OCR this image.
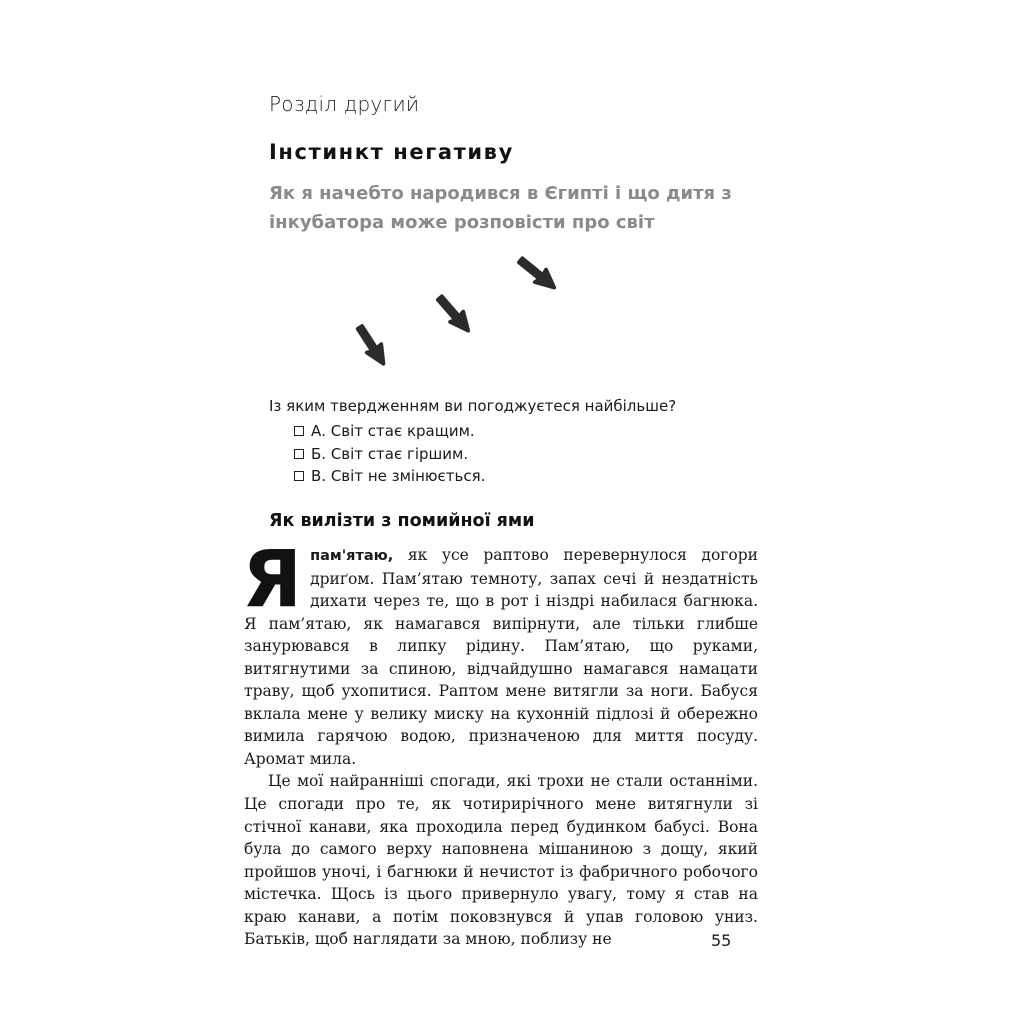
Розділ другий
Інстинкт негативу
Як я начебто народився в Єгипті і що дитя з інкубатора може розповісти про світ
Із яким твердженням ви погоджуєтеся найбільше?
А. Світ стає кращим.
Б. Світ стає гіршим.
В. Світ не змінюється.
Як вилізти з помийної ями

Япам'ятаю, як усе раптово перевернулося догори дриґом. Пам’ятаю темноту, запах сечі й нездатність дихати через те, що в рот і ніздрі набилася багнюка. Я пам’ятаю, як намагався випірнути, але тільки глибше занурювався в липку рідину. Пам’ятаю, що руками, витягнутими за спиною, відчайдушно намагався намацати траву, щоб ухопитися. Раптом мене витягли за ноги. Бабуся вклала мене у велику миску на кухонній підлозі й обережно вимила гарячою водою, призначеною для миття посуду. Аромат мила.

Це мої найранніші спогади, які трохи не стали останніми. Це спогади про те, як чотирирічного мене витягнули зі стічної канави, яка проходила перед будинком бабусі. Вона була до самого верху наповнена мішаниною з дощу, який пройшов уночі, і багнюки й нечистот із фабричного робочого містечка. Щось із цього привернуло увагу, тому я став на краю канави, а потім поковзнувся й упав головою униз. Батьків, щоб наглядати за мною, поблизу не	55
